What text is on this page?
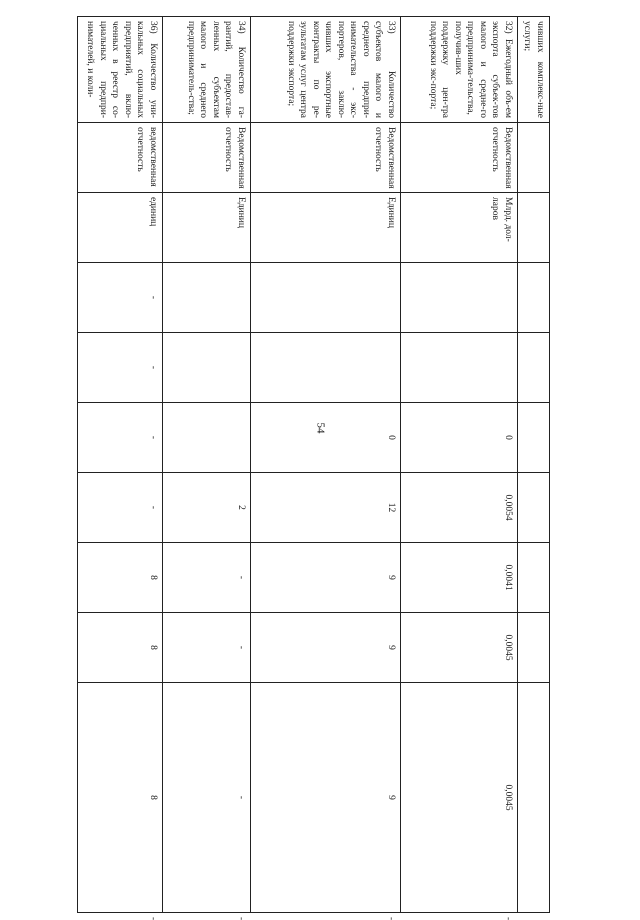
54
чивших комплекс-ные услуги;										
32) Ежегодный объ-ем экспорта субъек-тов малого и средне-го предпринима-тельства, получив-ших поддержку цен-тра поддержки экс-порта;	Ведомственная отчетность	Млрд. дол-ларов			0	0,0054	0,0041	0,0045	0,0045	-
33) Количество субъектов малого и среднего предпри-нимательства - экс-портеров, заклю-чивших экспортные контракты по ре-зультатам услуг центра поддержки экспорта;	Ведомственная отчетность	Единиц			0	12	9	9	9	-
34) Количество га-рантий, предостав-ленных субъектам малого и среднего предприниматель-ства;	Ведомственная отчетность	Единиц				2	-	-	-	-
36) Количество уни-кальных социальных предприятий, вклю-ченных в реестр со-циальных предпри-нимателей, и коли-	ведомственная отчетность	единиц	-	-	-	-	8	8	8	-
